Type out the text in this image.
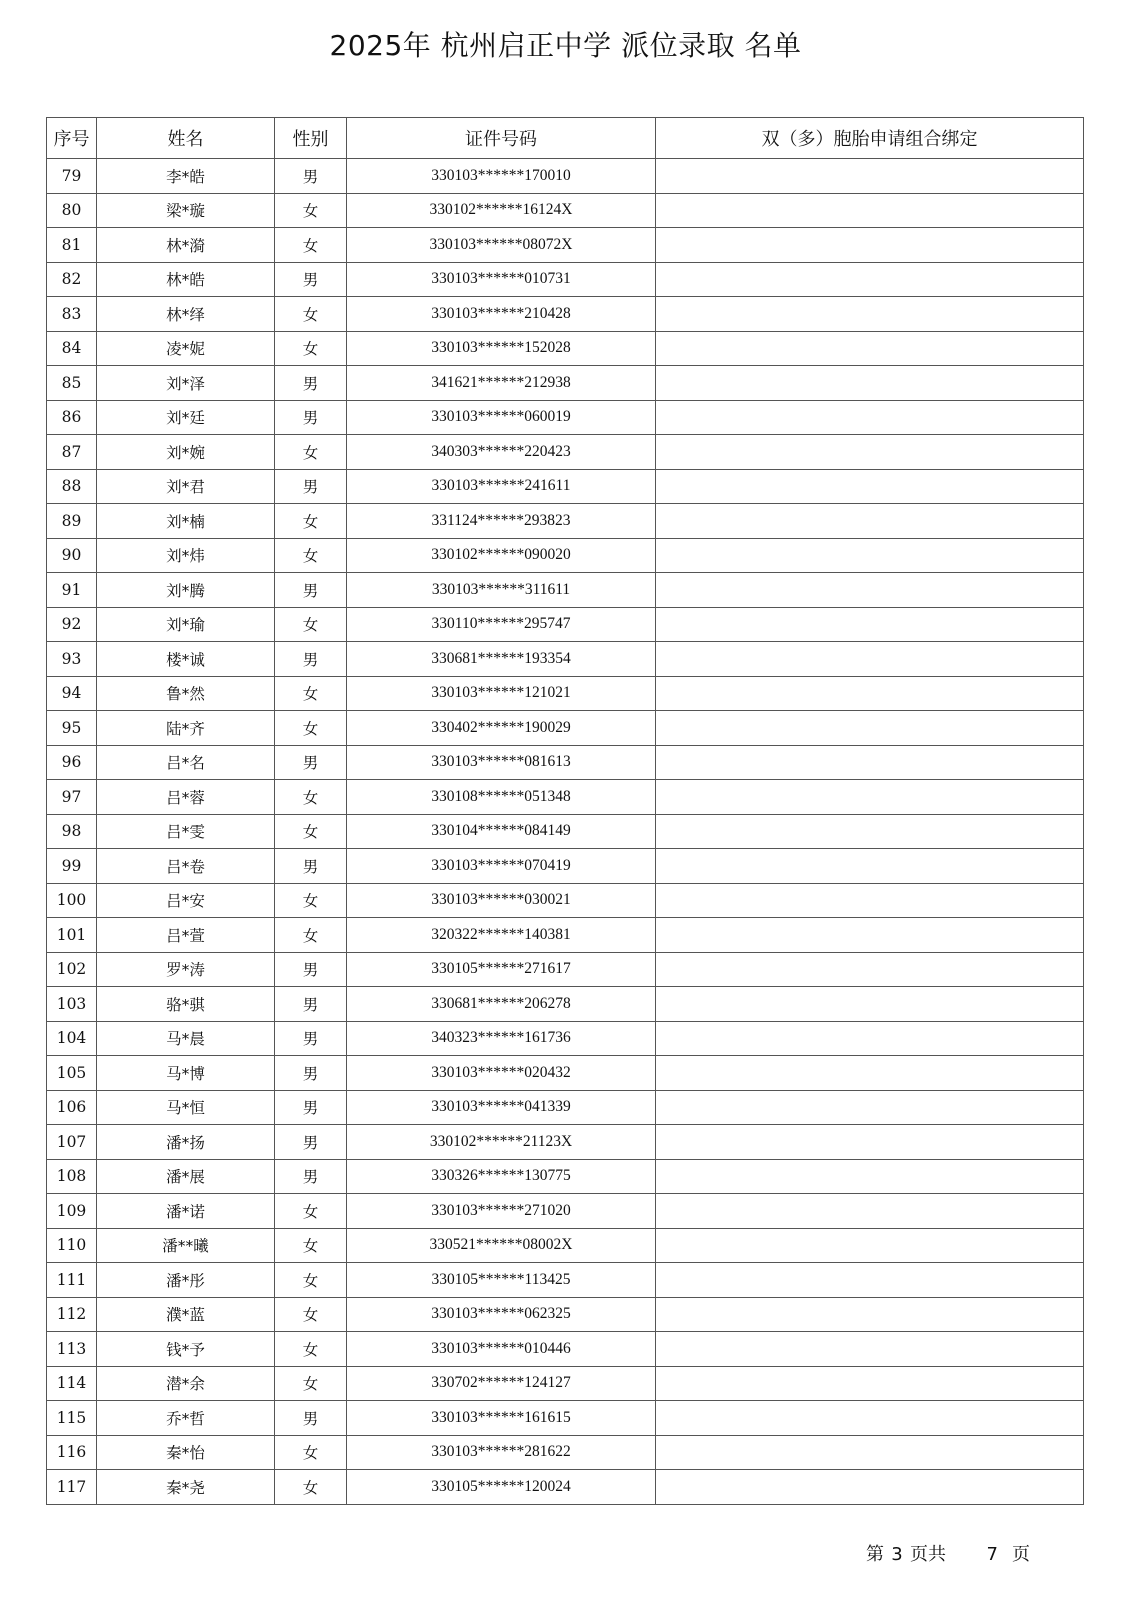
2025年 杭州启正中学 派位录取 名单
序号	姓名	性别	证件号码	双（多）胞胎申请组合绑定
79	李*皓	男	330103******170010	
80	梁*璇	女	330102******16124X	
81	林*漪	女	330103******08072X	
82	林*皓	男	330103******010731	
83	林*绎	女	330103******210428	
84	凌*妮	女	330103******152028	
85	刘*泽	男	341621******212938	
86	刘*廷	男	330103******060019	
87	刘*婉	女	340303******220423	
88	刘*君	男	330103******241611	
89	刘*楠	女	331124******293823	
90	刘*炜	女	330102******090020	
91	刘*腾	男	330103******311611	
92	刘*瑜	女	330110******295747	
93	楼*诚	男	330681******193354	
94	鲁*然	女	330103******121021	
95	陆*齐	女	330402******190029	
96	吕*名	男	330103******081613	
97	吕*蓉	女	330108******051348	
98	吕*雯	女	330104******084149	
99	吕*卷	男	330103******070419	
100	吕*安	女	330103******030021	
101	吕*萱	女	320322******140381	
102	罗*涛	男	330105******271617	
103	骆*骐	男	330681******206278	
104	马*晨	男	340323******161736	
105	马*博	男	330103******020432	
106	马*恒	男	330103******041339	
107	潘*扬	男	330102******21123X	
108	潘*展	男	330326******130775	
109	潘*诺	女	330103******271020	
110	潘**曦	女	330521******08002X	
111	潘*彤	女	330105******113425	
112	濮*蓝	女	330103******062325	
113	钱*予	女	330103******010446	
114	潜*余	女	330702******124127	
115	乔*哲	男	330103******161615	
116	秦*怡	女	330103******281622	
117	秦*尧	女	330105******120024	
第 3 页共 7 页
